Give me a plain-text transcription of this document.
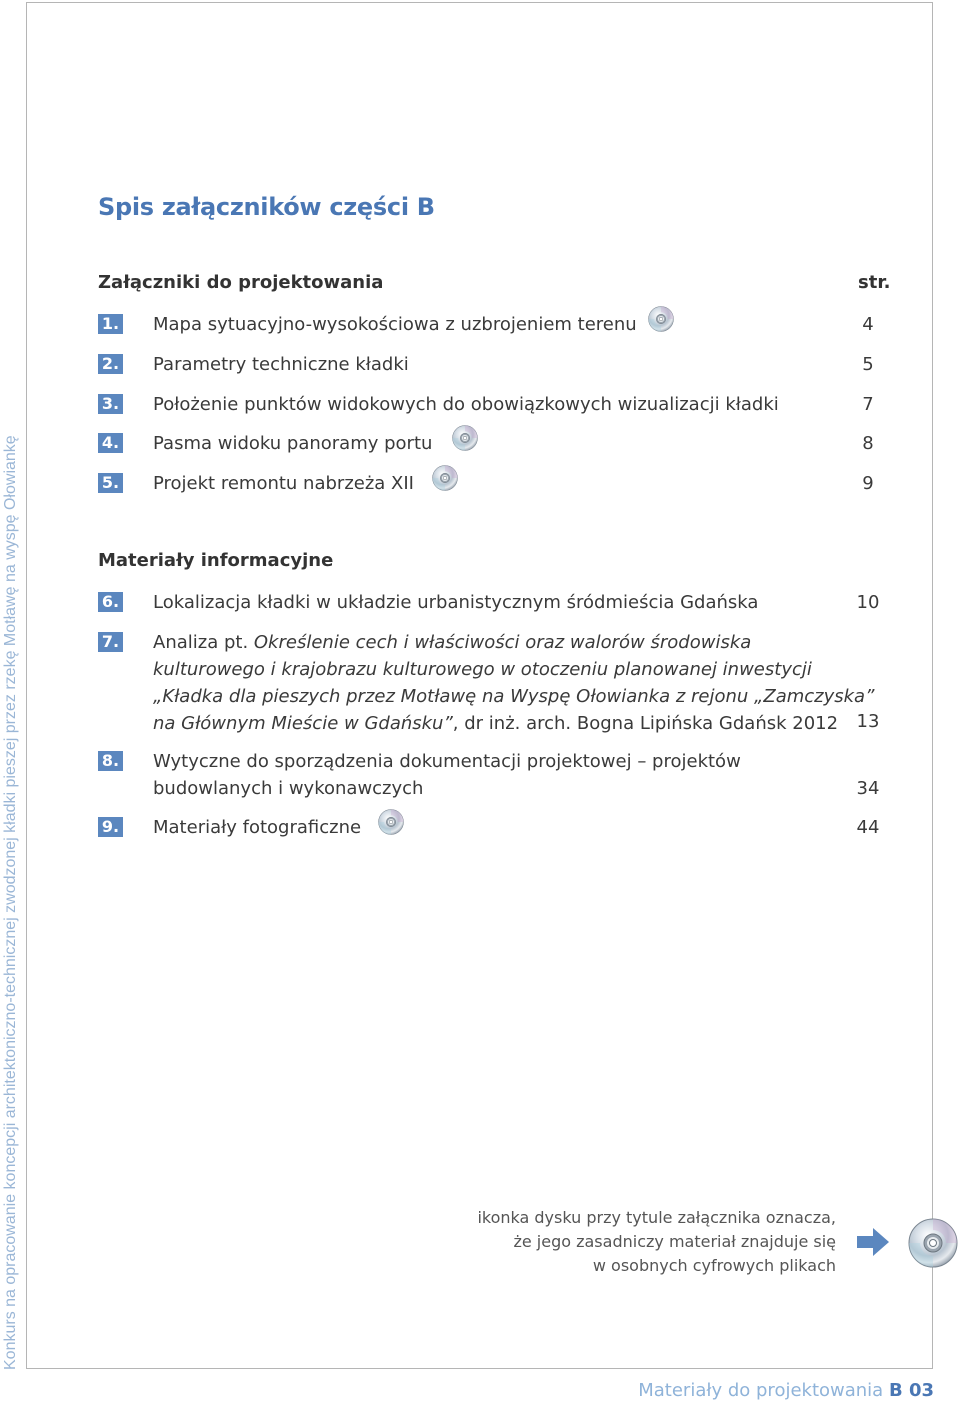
Konkurs na opracowanie koncepcji architektoniczno-technicznej zwodzonej kładki pieszej przez rzekę Motławę na wyspę Ołowiankę
Spis załączników części B
Załączniki do projektowania	str.
1. Mapa sytuacyjno-wysokościowa z uzbrojeniem terenu	4
2. Parametry techniczne kładki	5
3. Położenie punktów widokowych do obowiązkowych wizualizacji kładki	7
4. Pasma widoku panoramy portu	8
5. Projekt remontu nabrzeża XII	9
Materiały informacyjne
6. Lokalizacja kładki w układzie urbanistycznym śródmieścia Gdańska	10
7. Analiza pt. Określenie cech i właściwości oraz walorów środowiska
kulturowego i krajobrazu kulturowego w otoczeniu planowanej inwestycji
„Kładka dla pieszych przez Motławę na Wyspę Ołowianka z rejonu „Zamczyska”
na Głównym Mieście w Gdańsku”, dr inż. arch. Bogna Lipińska Gdańsk 2012	13
8. Wytyczne do sporządzenia dokumentacji projektowej – projektów
budowlanych i wykonawczych	34
9. Materiały fotograficzne	44
ikonka dysku przy tytule załącznika oznacza,
że jego zasadniczy materiał znajduje się
w osobnych cyfrowych plikach
Materiały do projektowania B 03
